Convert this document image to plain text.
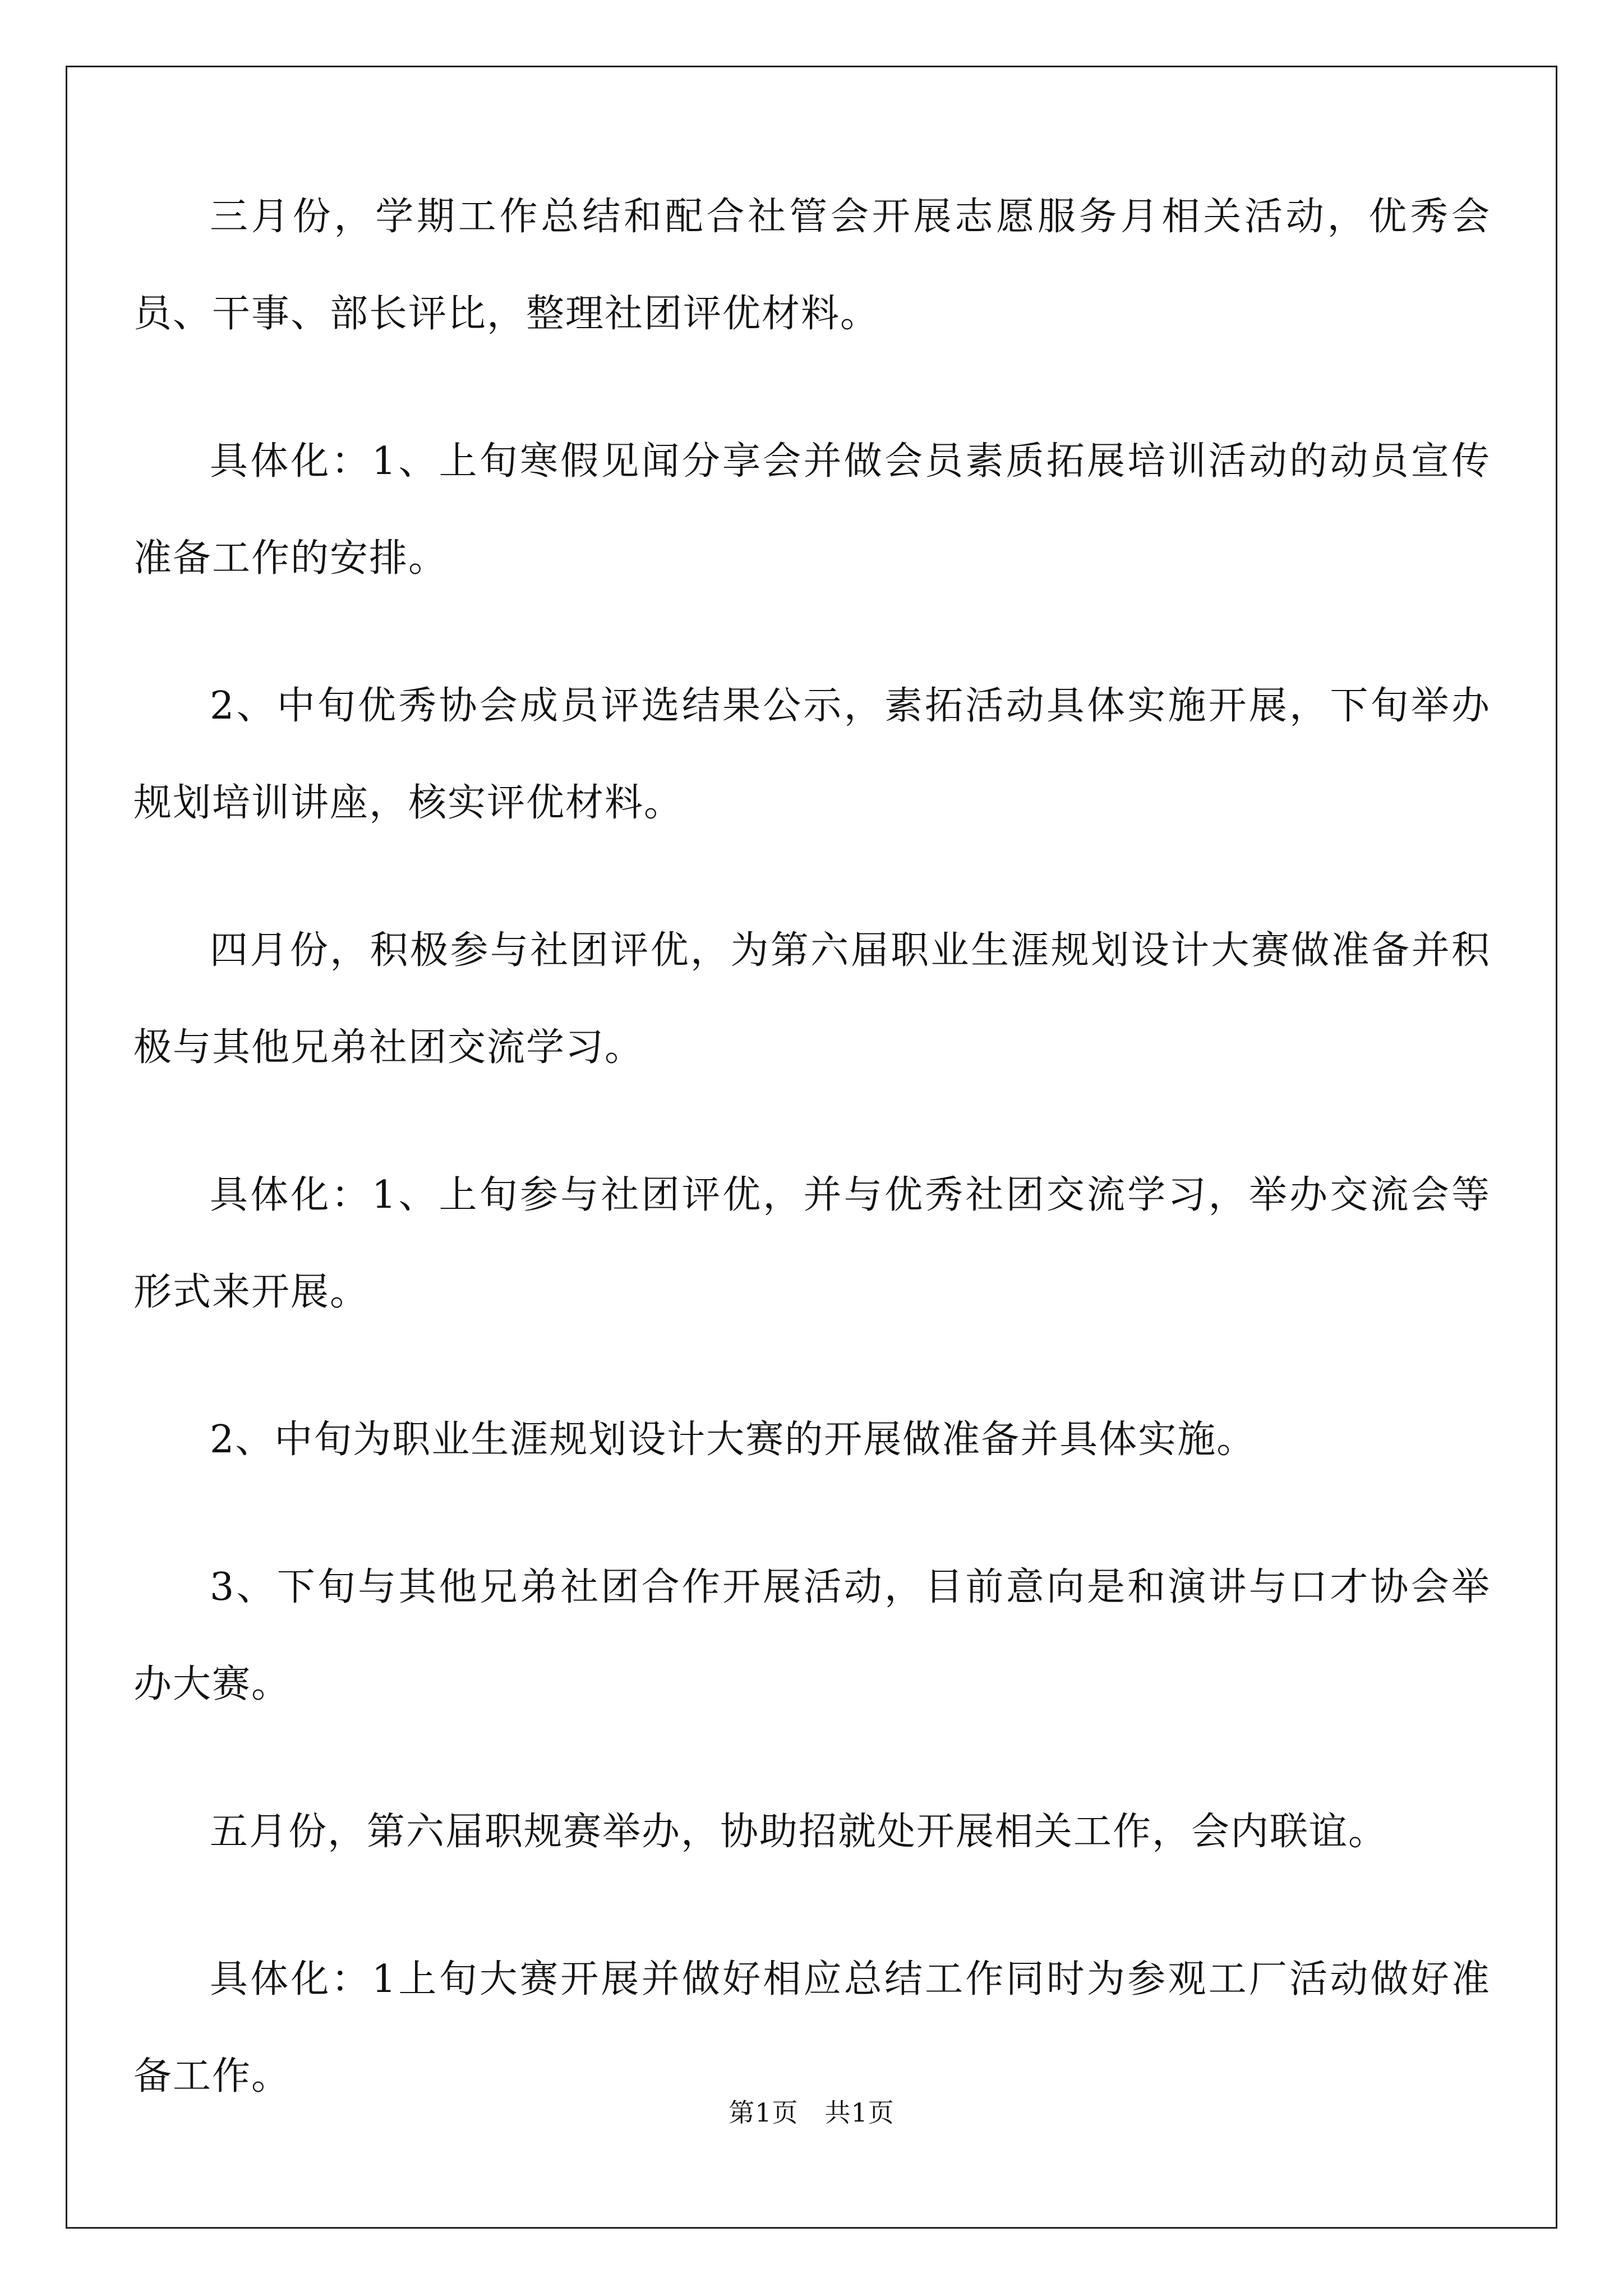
三月份，学期工作总结和配合社管会开展志愿服务月相关活动，优秀会员、干事、部长评比，整理社团评优材料。

具体化：1、上旬寒假见闻分享会并做会员素质拓展培训活动的动员宣传准备工作的安排。

2、中旬优秀协会成员评选结果公示，素拓活动具体实施开展，下旬举办规划培训讲座，核实评优材料。

四月份，积极参与社团评优，为第六届职业生涯规划设计大赛做准备并积极与其他兄弟社团交流学习。

具体化：1、上旬参与社团评优，并与优秀社团交流学习，举办交流会等形式来开展。

2、中旬为职业生涯规划设计大赛的开展做准备并具体实施。

3、下旬与其他兄弟社团合作开展活动，目前意向是和演讲与口才协会举办大赛。

五月份，第六届职规赛举办，协助招就处开展相关工作，会内联谊。

具体化：1上旬大赛开展并做好相应总结工作同时为参观工厂活动做好准备工作。

第1页　共1页
